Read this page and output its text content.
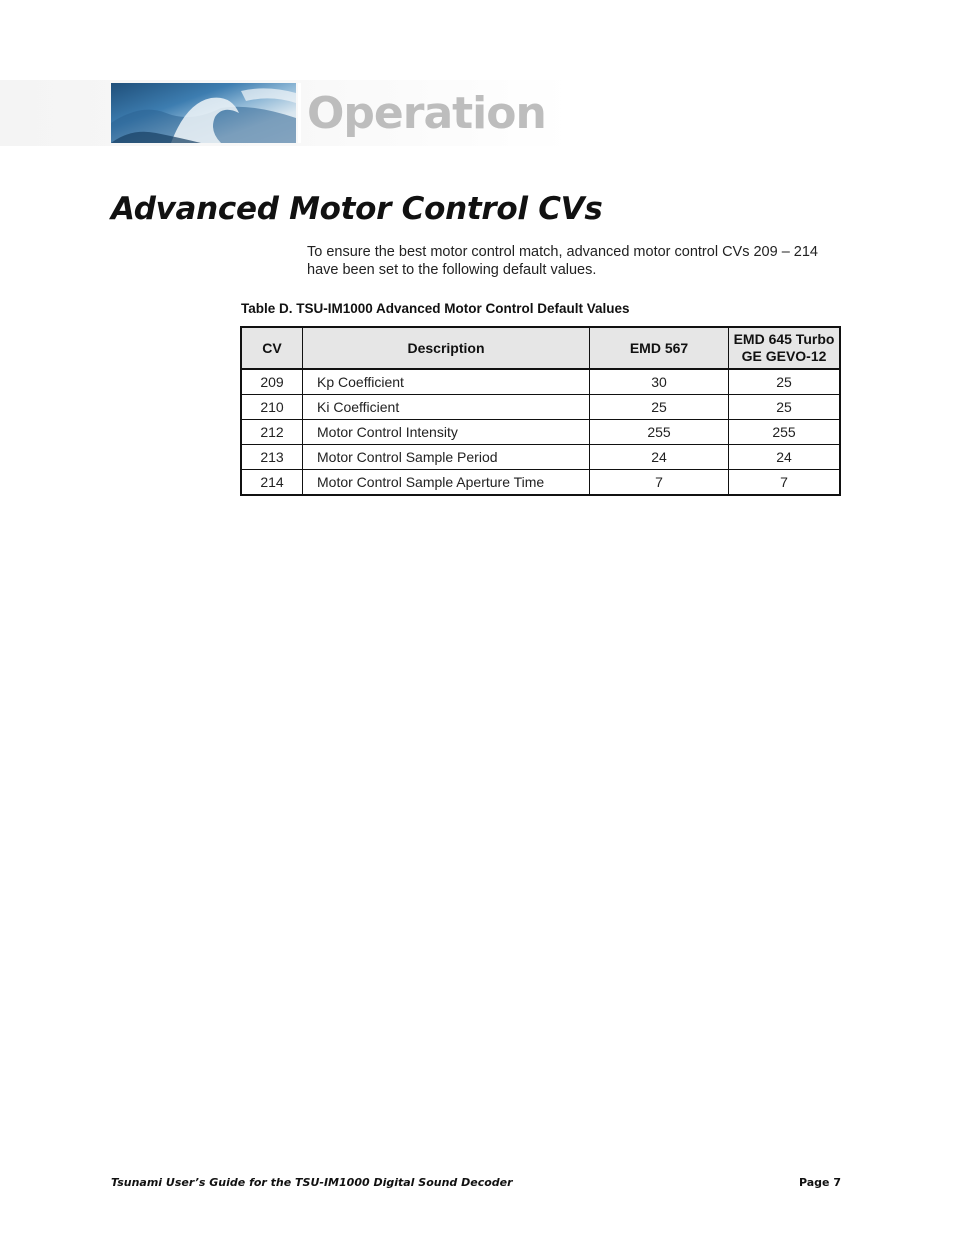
Operation
Advanced Motor Control CVs

To ensure the best motor control match, advanced motor control CVs 209 – 214 have been set to the following default values.

Table D. TSU-IM1000 Advanced Motor Control Default Values

CV	Description	EMD 567	EMD 645 Turbo
GE GEVO-12
209	Kp Coefficient	30	25
210	Ki Coefficient	25	25
212	Motor Control Intensity	255	255
213	Motor Control Sample Period	24	24
214	Motor Control Sample Aperture Time	7	7

Tsunami User’s Guide for the TSU-IM1000 Digital Sound Decoder	Page 7
